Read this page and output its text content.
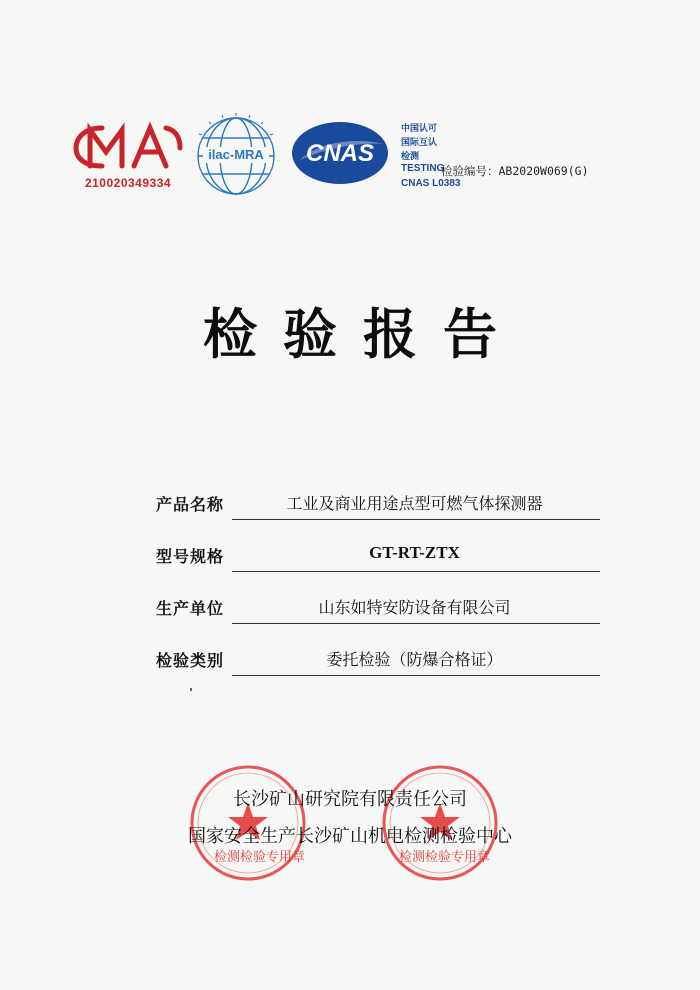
210020349334
ilac-MRA	CNAS
中国认可
国际互认
检测
TESTING
检验编号：AB2020W069(G)
CNAS L0383
检验报告
产品名称	工业及商业用途点型可燃气体探测器
型号规格	GT-RT-ZTX
生产单位	山东如特安防设备有限公司
检验类别	委托检验（防爆合格证）
检测检验专用章	检测检验专用章
长沙矿山研究院有限责任公司
国家安全生产长沙矿山机电检测检验中心
